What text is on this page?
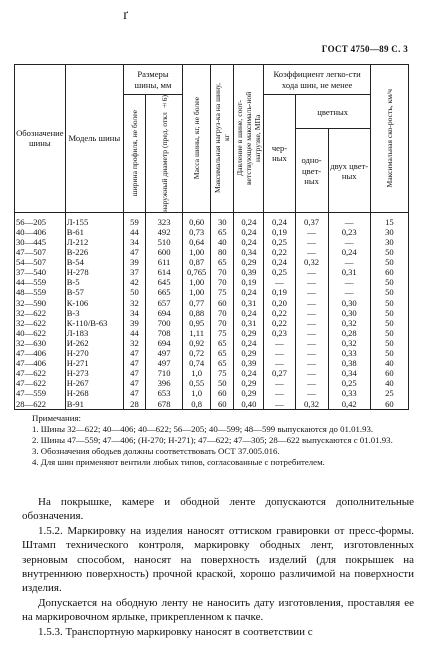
ґ
ГОСТ 4750—89 С. 3
Обозначение шины	Модель шины	Размеры шины, мм		Масса шины, кг, не более	Максимальная нагруз-ка на шину, кг	Давление в шине, соот-ветствующее максималь-ной нагрузке, МПа	Коэффициент легко-сти хода шин, не менее			Максимальная ско-рость, км/ч

		ширина профиля, не более	наружный диаметр (пред. откл ±6)				чер-ных	цветных		
								одно-цвет-ных	двух цвет-ных	
56—205	Л-155	59	323	0,60	30	0,24	0,24	0,37	—	15
40—406	В-61	44	492	0,73	65	0,24	0,19	—	0,23	30
30—445	Л-212	34	510	0,64	40	0,24	0,25	—	—	30
47—507	В-226	47	600	1,00	80	0,34	0,22	—	0,24	50
54—507	В-54	39	611	0,87	65	0,29	0,24	0,32	—	50
37—540	Н-278	37	614	0,765	70	0,39	0,25	—	0,31	60
44—559	В-5	42	645	1,00	70	0,19	—	—	—	50
48—559	В-57	50	665	1,00	75	0,24	0,19	—	—	50
32—590	К-106	32	657	0,77	60	0,31	0,20	—	0,30	50
32—622	В-3	34	694	0,88	70	0,24	0,22	—	0,30	50
32—622	К-110/В-63	39	700	0,95	70	0,31	0,22	—	0,32	50
40—622	Л-183	44	708	1,11	75	0,29	0,23	—	0,28	50
32—630	И-262	32	694	0,92	65	0,24	—	—	0,32	50
47—406	Н-270	47	497	0,72	65	0,29	—	—	0,33	50
47—406	Н-271	47	497	0,74	65	0,39	—	—	0,38	40
47—622	Н-273	47	710	1,0	75	0,24	0,27	—	0,34	60
47—622	Н-267	47	396	0,55	50	0,29	—	—	0,25	40
47—559	Н-268	47	653	1,0	60	0,29	—	—	0,33	25
28—622	В-91	28	678	0,8	60	0,40	—	0,32	0,42	60

Примечания:

1. Шины 32—622; 40—406; 40—622; 56—205; 40—599; 48—599 выпускаются до 01.01.93.

2. Шины 47—559; 47—406; (Н-270; Н-271); 47—622; 47—305; 28—622 выпускаются с 01.01.93.

3. Обозначения ободьев должны соответствовать ОСТ 37.005.016.

4. Для шин применяют вентили любых типов, согласованные с потребителем.

На покрышке, камере и ободной ленте допускаются дополнительные обозначения.

1.5.2. Маркировку на изделия наносят оттиском гравировки от пресс-формы. Штамп технического контроля, маркировку ободных лент, изготовленных зерновым способом, наносят на поверхность изделий (для покрышек на внутреннюю поверхность) прочной краской, хорошо различимой на поверхности изделия.

Допускается на ободную ленту не наносить дату изготовления, проставляя ее на маркировочном ярлыке, прикрепленном к пачке.

1.5.3. Транспортную маркировку наносят в соответствии с
